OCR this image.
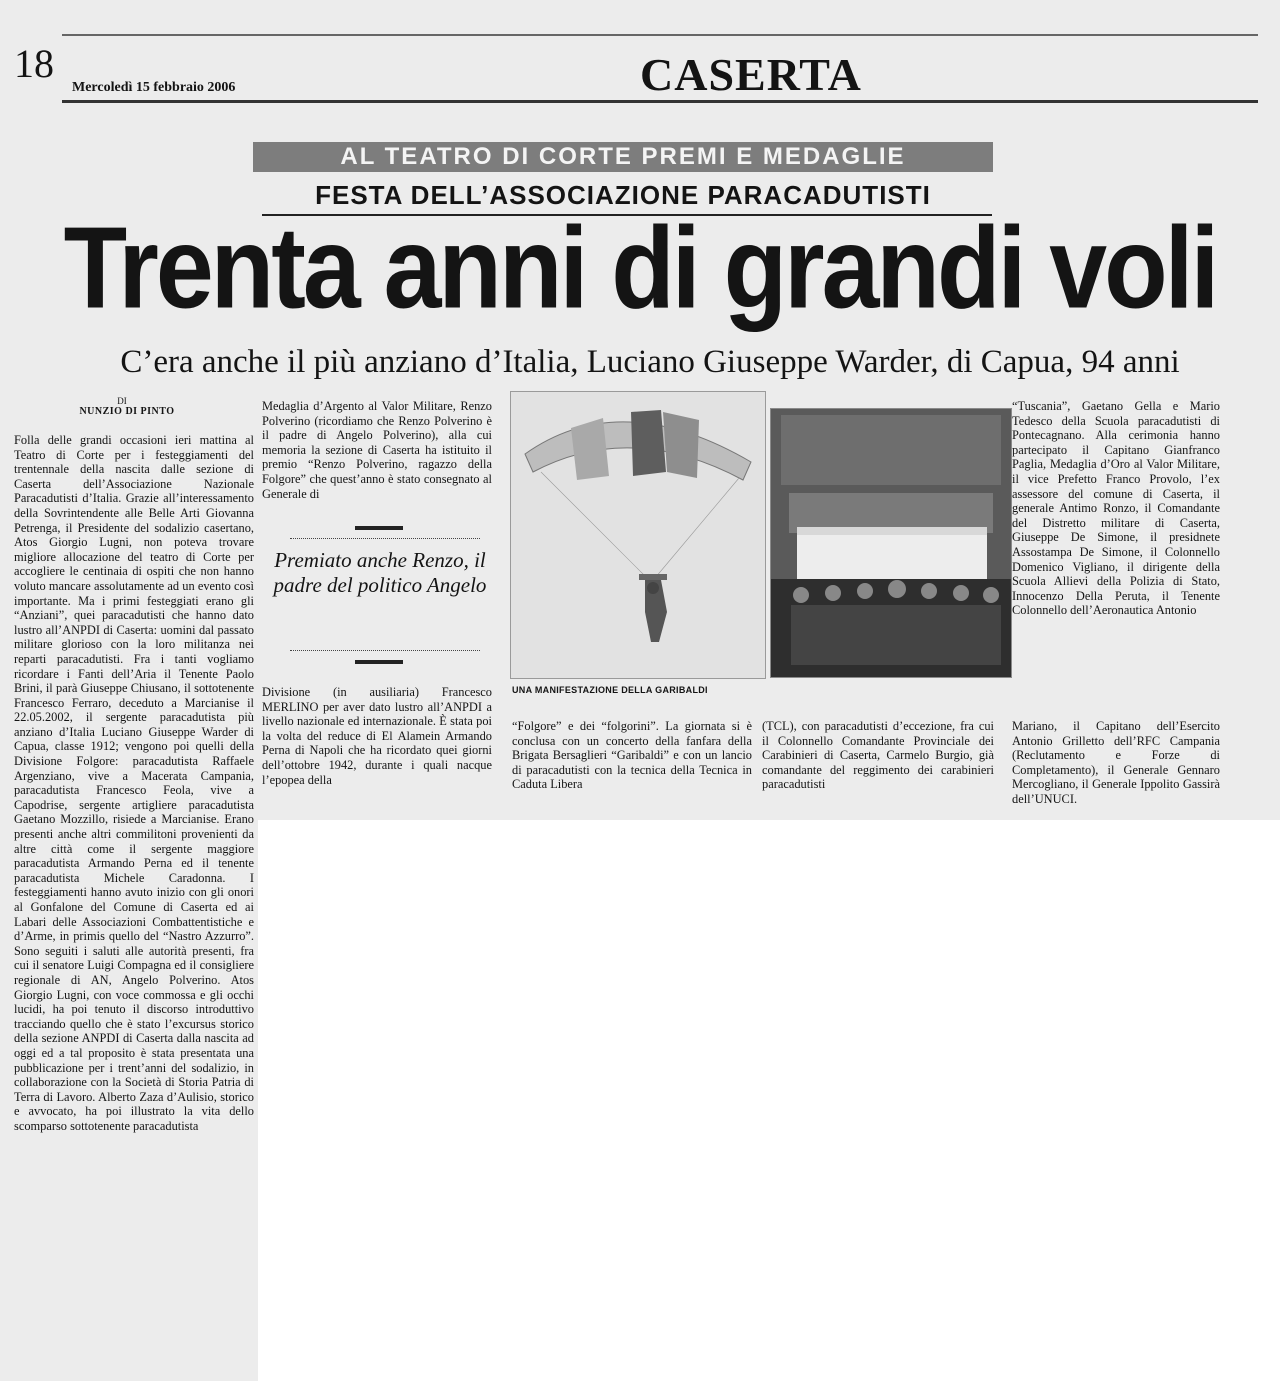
18
Mercoledì 15 febbraio 2006	CASERTA
AL TEATRO DI CORTE PREMI E MEDAGLIE
FESTA DELL’ASSOCIAZIONE PARACADUTISTI
Trenta anni di grandi voli
C’era anche il più anziano d’Italia, Luciano Giuseppe Warder, di Capua, 94 anni
DI
NUNZIO DI PINTO

Folla delle grandi occasioni ieri mattina al Teatro di Corte per i festeggiamenti del trentennale della nascita dalle sezione di Caserta dell’Associazione Nazionale Paracadutisti d’Italia. Grazie all’interessamento della Sovrintendente alle Belle Arti Giovanna Petrenga, il Presidente del sodalizio casertano, Atos Giorgio Lugni, non poteva trovare migliore allocazione del teatro di Corte per accogliere le centinaia di ospiti che non hanno voluto mancare assolutamente ad un evento così importante. Ma i primi festeggiati erano gli “Anziani”, quei paracadutisti che hanno dato lustro all’ANPDI di Caserta: uomini dal passato militare glorioso con la loro militanza nei reparti paracadutisti. Fra i tanti vogliamo ricordare i Fanti dell’Aria il Tenente Paolo Brini, il parà Giuseppe Chiusano, il sottotenente Francesco Ferraro, deceduto a Marcianise il 22.05.2002, il sergente paracadutista più anziano d’Italia Luciano Giuseppe Warder di Capua, classe 1912; vengono poi quelli della Divisione Folgore: paracadutista Raffaele Argenziano, vive a Macerata Campania, paracadutista Francesco Feola, vive a Capodrise, sergente artigliere paracadutista Gaetano Mozzillo, risiede a Marcianise. Erano presenti anche altri commilitoni provenienti da altre città come il sergente maggiore paracadutista Armando Perna ed il tenente paracadutista Michele Caradonna. I festeggiamenti hanno avuto inizio con gli onori al Gonfalone del Comune di Caserta ed ai Labari delle Associazioni Combattentistiche e d’Arme, in primis quello del “Nastro Azzurro”. Sono seguiti i saluti alle autorità presenti, fra cui il senatore Luigi Compagna ed il consigliere regionale di AN, Angelo Polverino. Atos Giorgio Lugni, con voce commossa e gli occhi lucidi, ha poi tenuto il discorso introduttivo tracciando quello che è stato l’excursus storico della sezione ANPDI di Caserta dalla nascita ad oggi ed a tal proposito è stata presentata una pubblicazione per i trent’anni del sodalizio, in collaborazione con la Società di Storia Patria di Terra di Lavoro. Alberto Zaza d’Aulisio, storico e avvocato, ha poi illustrato la vita dello scomparso sottotenente paracadutista

Medaglia d’Argento al Valor Militare, Renzo Polverino (ricordiamo che Renzo Polverino è il padre di Angelo Polverino), alla cui memoria la sezione di Caserta ha istituito il premio “Renzo Polverino, ragazzo della Folgore” che quest’anno è stato consegnato al Generale di

Premiato anche Renzo, il padre del politico Angelo

Divisione (in ausiliaria) Francesco MERLINO per aver dato lustro all’ANPDI a livello nazionale ed internazionale. È stata poi la volta del reduce di El Alamein Armando Perna di Napoli che ha ricordato quei giorni dell’ottobre 1942, durante i quali nacque l’epopea della

UNA MANIFESTAZIONE DELLA GARIBALDI

“Folgore” e dei “folgorini”. La giornata si è conclusa con un concerto della fanfara della Brigata Bersaglieri “Garibaldi” e con un lancio di paracadutisti con la tecnica della Tecnica in Caduta Libera

(TCL), con paracadutisti d’eccezione, fra cui il Colonnello Comandante Provinciale dei Carabinieri di Caserta, Carmelo Burgio, già comandante del reggimento dei carabinieri paracadutisti

“Tuscania”, Gaetano Gella e Mario Tedesco della Scuola paracadutisti di Pontecagnano. Alla cerimonia hanno partecipato il Capitano Gianfranco Paglia, Medaglia d’Oro al Valor Militare, il vice Prefetto Franco Provolo, l’ex assessore del comune di Caserta, il generale Antimo Ronzo, il Comandante del Distretto militare di Caserta, Giuseppe De Simone, il presidnete Assostampa De Simone, il Colonnello Domenico Vigliano, il dirigente della Scuola Allievi della Polizia di Stato, Innocenzo Della Peruta, il Tenente Colonnello dell’Aeronautica Antonio

Mariano, il Capitano dell’Esercito Antonio Grilletto dell’RFC Campania (Reclutamento e Forze di Completamento), il Generale Gennaro Mercogliano, il Generale Ippolito Gassirà dell’UNUCI.
